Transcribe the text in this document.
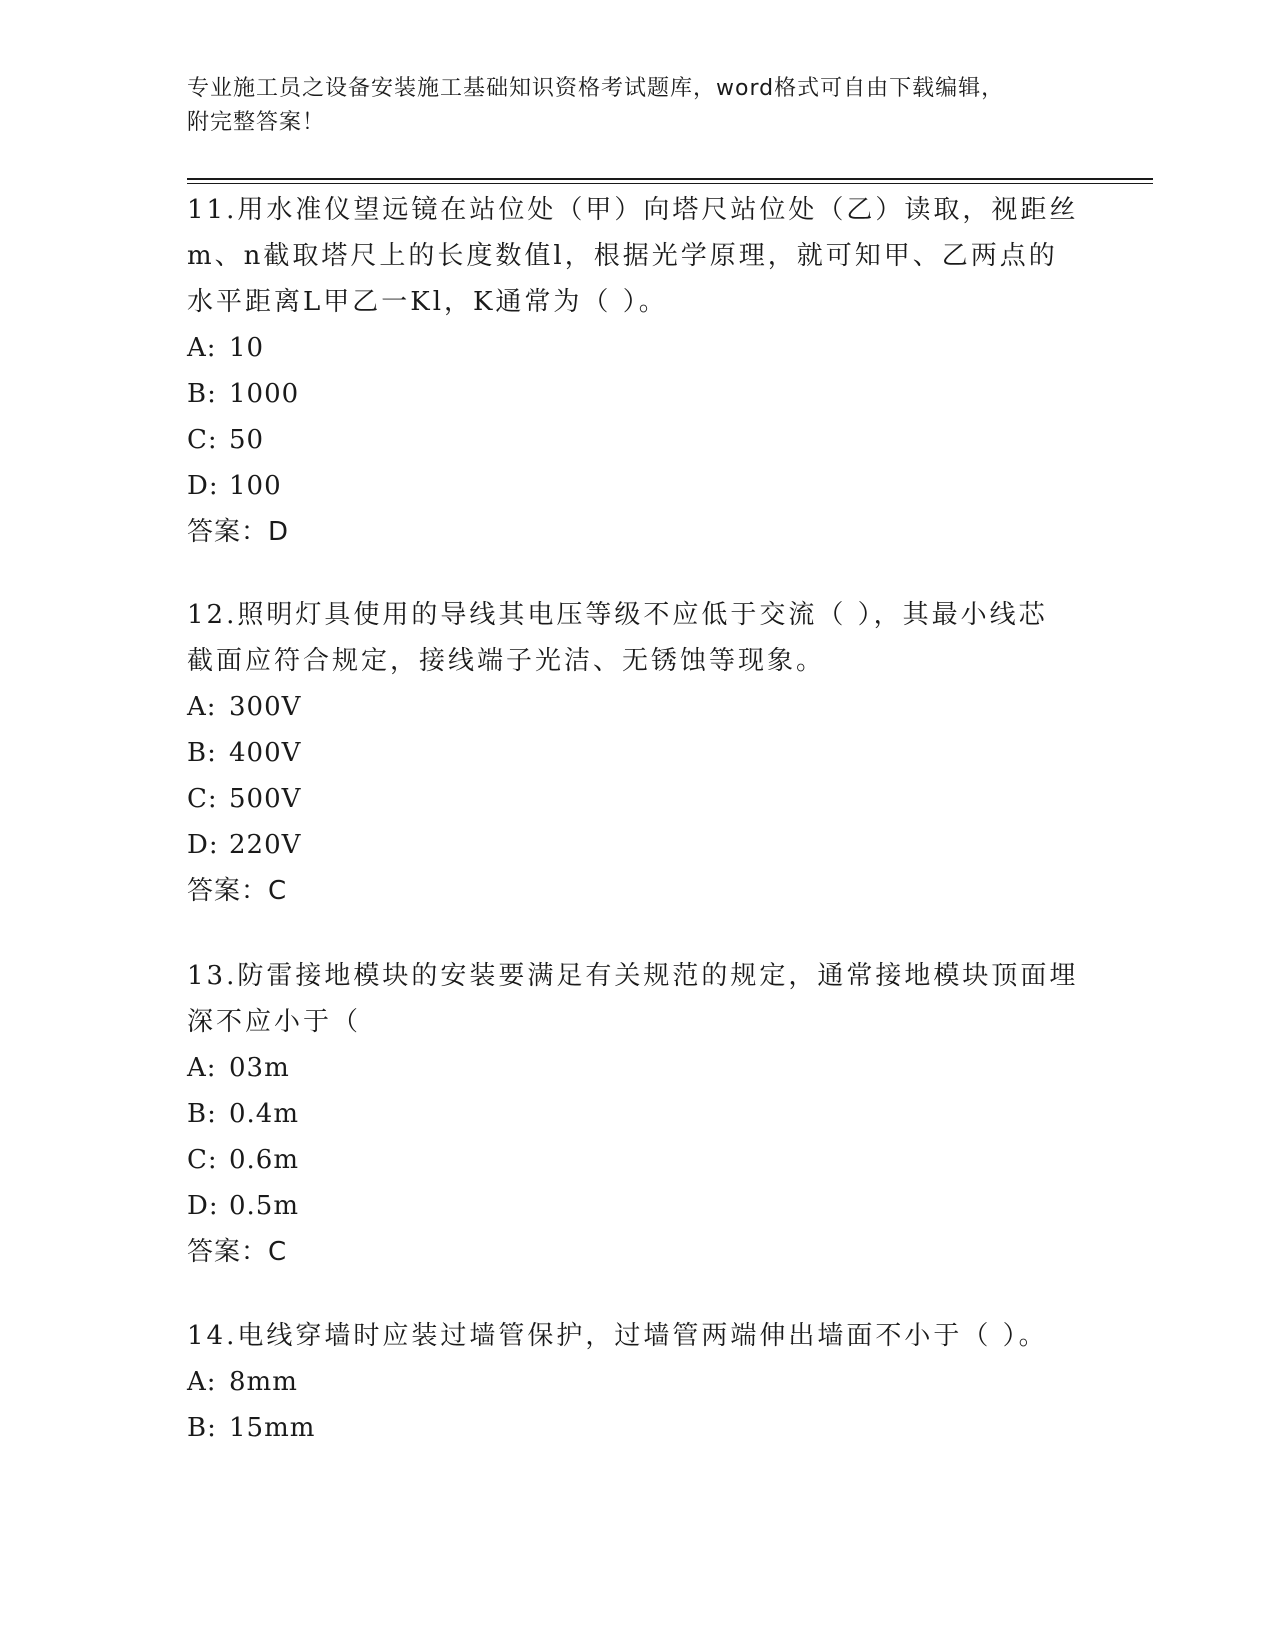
专业施工员之设备安装施工基础知识资格考试题库，word格式可自由下载编辑，
附完整答案！

11.用水准仪望远镜在站位处（甲）向塔尺站位处（乙）读取，视距丝

m、n截取塔尺上的长度数值l，根据光学原理，就可知甲、乙两点的

水平距离L甲乙一Kl，K通常为（ ）。

A: 10

B: 1000

C: 50

D: 100

答案：D

12.照明灯具使用的导线其电压等级不应低于交流（ ），其最小线芯

截面应符合规定，接线端子光洁、无锈蚀等现象。

A: 300V

B: 400V

C: 500V

D: 220V

答案：C

13.防雷接地模块的安装要满足有关规范的规定，通常接地模块顶面埋

深不应小于（

A: 03m

B: 0.4m

C: 0.6m

D: 0.5m

答案：C

14.电线穿墙时应装过墙管保护，过墙管两端伸出墙面不小于（ ）。

A: 8mm

B: 15mm
